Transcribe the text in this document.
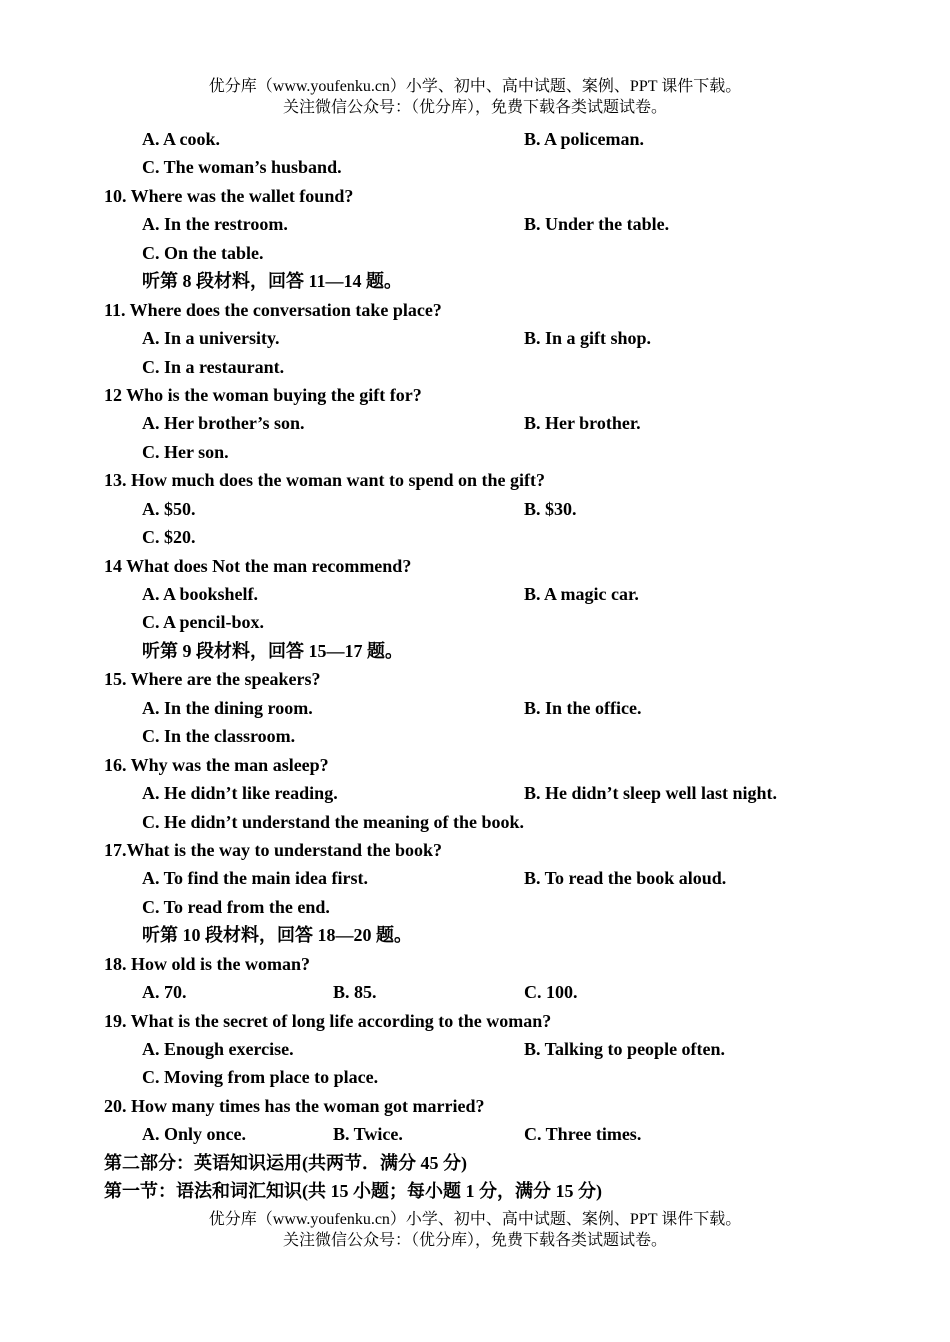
优分库（www.youfenku.cn）小学、初中、高中试题、案例、PPT 课件下载。
关注微信公众号：（优分库），免费下载各类试题试卷。
A. A cook.	B. A policeman.
C. The woman’s husband.
10. Where was the wallet found?
A. In the restroom.	B. Under the table.
C. On the table.
听第 8 段材料，回答 11—14 题。
11. Where does the conversation take place?
A. In a university.	B. In a gift shop.
C. In a restaurant.
12 Who is the woman buying the gift for?
A. Her brother’s son.	B. Her brother.
C. Her son.
13. How much does the woman want to spend on the gift?
A. $50.	B. $30.
C. $20.
14 What does Not the man recommend?
A. A bookshelf.	B. A magic car.
C. A pencil-box.
听第 9 段材料，回答 15—17 题。
15. Where are the speakers?
A. In the dining room.	B. In the office.
C. In the classroom.
16. Why was the man asleep?
A. He didn’t like reading.	B. He didn’t sleep well last night.
C. He didn’t understand the meaning of the book.
17.What is the way to understand the book?
A. To find the main idea first.	B. To read the book aloud.
C. To read from the end.
听第 10 段材料，回答 18—20 题。
18. How old is the woman?
A. 70.	B. 85.	C. 100.
19. What is the secret of long life according to the woman?
A. Enough exercise.	B. Talking to people often.
C. Moving from place to place.
20. How many times has the woman got married?
A. Only once.	B. Twice.	C. Three times.
第二部分：英语知识运用(共两节．满分 45 分)
第一节：语法和词汇知识(共 15 小题；每小题 1 分，满分 15 分)
优分库（www.youfenku.cn）小学、初中、高中试题、案例、PPT 课件下载。
关注微信公众号：（优分库），免费下载各类试题试卷。
